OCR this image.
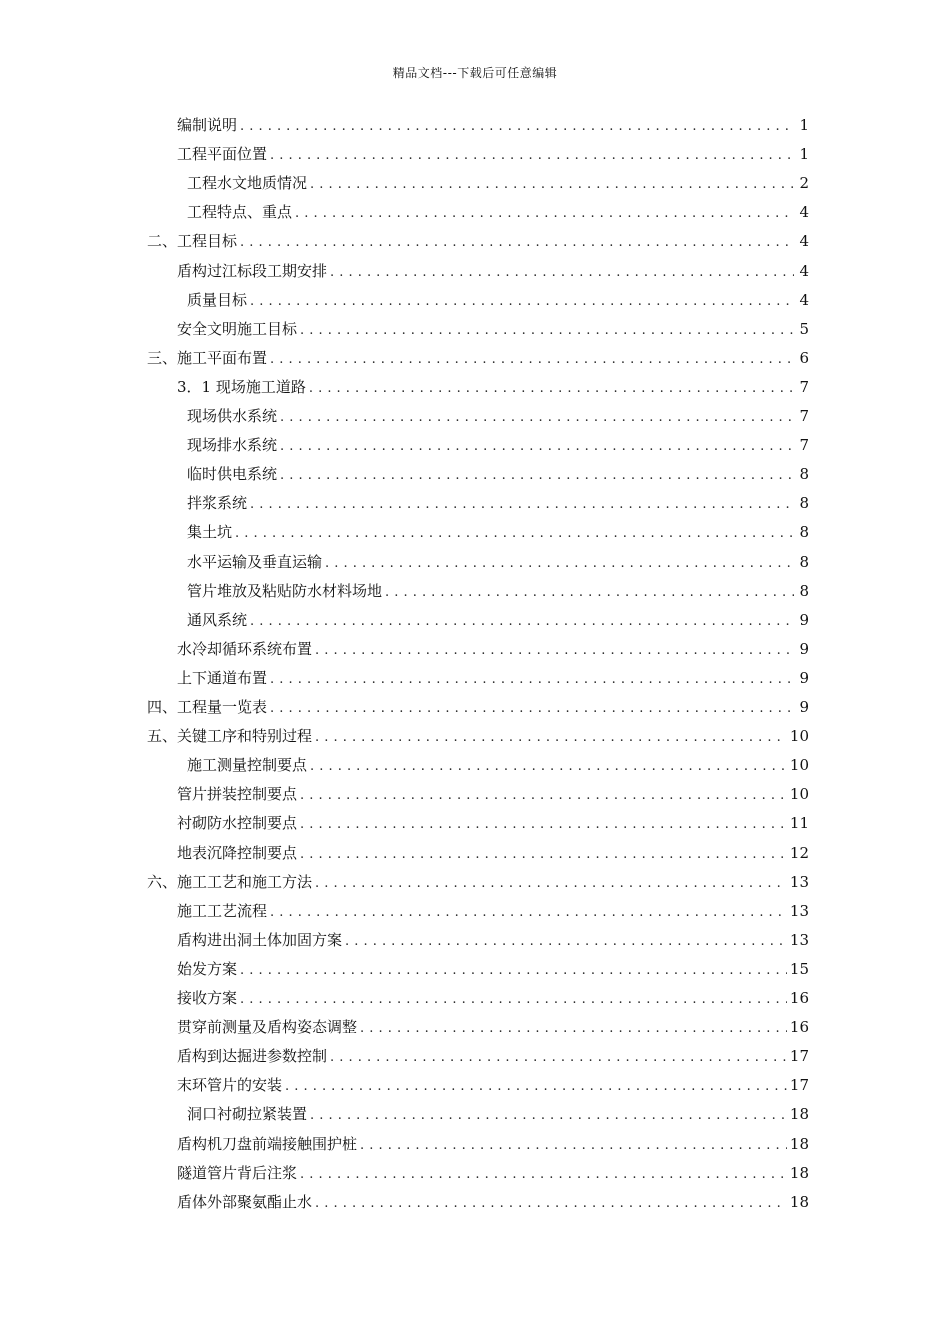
精品文档---下载后可任意编辑
编制说明 .....	1
工程平面位置 .....	1
工程水文地质情况 .....	2
工程特点、重点 .....	4
二、工程目标 .....	4
盾构过江标段工期安排 .....	4
质量目标 .....	4
安全文明施工目标 .....	5
三、施工平面布置 .....	6
3．1 现场施工道路 .....	7
现场供水系统 .....	7
现场排水系统 .....	7
临时供电系统 .....	8
拌浆系统 .....	8
集土坑 .....	8
水平运输及垂直运输 .....	8
管片堆放及粘贴防水材料场地 .....	8
通风系统 .....	9
水冷却循环系统布置 .....	9
上下通道布置 .....	9
四、工程量一览表 .....	9
五、关键工序和特别过程 .....	10
施工测量控制要点 .....	10
管片拼装控制要点 .....	10
衬砌防水控制要点 .....	11
地表沉降控制要点 .....	12
六、施工工艺和施工方法 .....	13
施工工艺流程 .....	13
盾构进出洞土体加固方案 .....	13
始发方案 .....	15
接收方案 .....	16
贯穿前测量及盾构姿态调整 .....	16
盾构到达掘进参数控制 .....	17
末环管片的安装 .....	17
洞口衬砌拉紧装置 .....	18
盾构机刀盘前端接触围护桩 .....	18
隧道管片背后注浆 .....	18
盾体外部聚氨酯止水 .....	18
